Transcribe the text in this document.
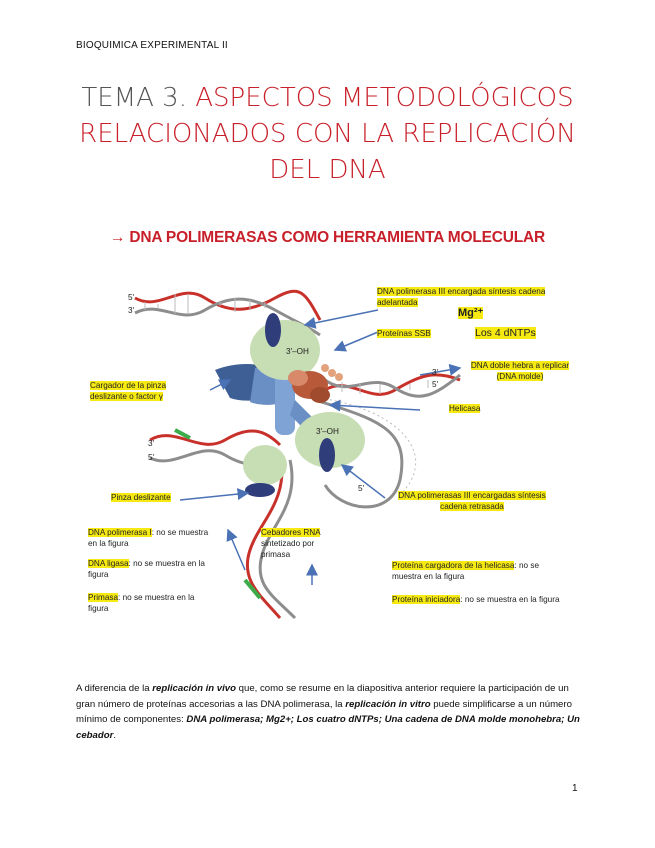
BIOQUIMICA EXPERIMENTAL II
TEMA 3. ASPECTOS METODOLÓGICOS RELACIONADOS CON LA REPLICACIÓN DEL DNA
→ DNA POLIMERASAS COMO HERRAMIENTA MOLECULAR
5'
3'
3'
5'
3'
5'
5'
3'–OH
3'–OH
DNA polimerasa III encargada síntesis cadena adelantada
Mg²⁺
Los 4 dNTPs
Proteínas SSB
DNA doble hebra a replicar (DNA molde)
Cargador de la pinza deslizante o factor γ
Helicasa
Pinza deslizante	DNA polimerasas III encargadas síntesis cadena retrasada
Cebadores RNA sintetizado por primasa
DNA polimerasa I: no se muestra en la figura
DNA ligasa: no se muestra en la figura
Primasa: no se muestra en la figura
Proteína cargadora de la helicasa: no se muestra en la figura
Proteína iniciadora: no se muestra en la figura
A diferencia de la replicación in vivo que, como se resume en la diapositiva anterior requiere la participación de un gran número de proteínas accesorias a las DNA polimerasa, la replicación in vitro puede simplificarse a un número mínimo de componentes: DNA polimerasa; Mg2+; Los cuatro dNTPs; Una cadena de DNA molde monohebra; Un cebador.
1
